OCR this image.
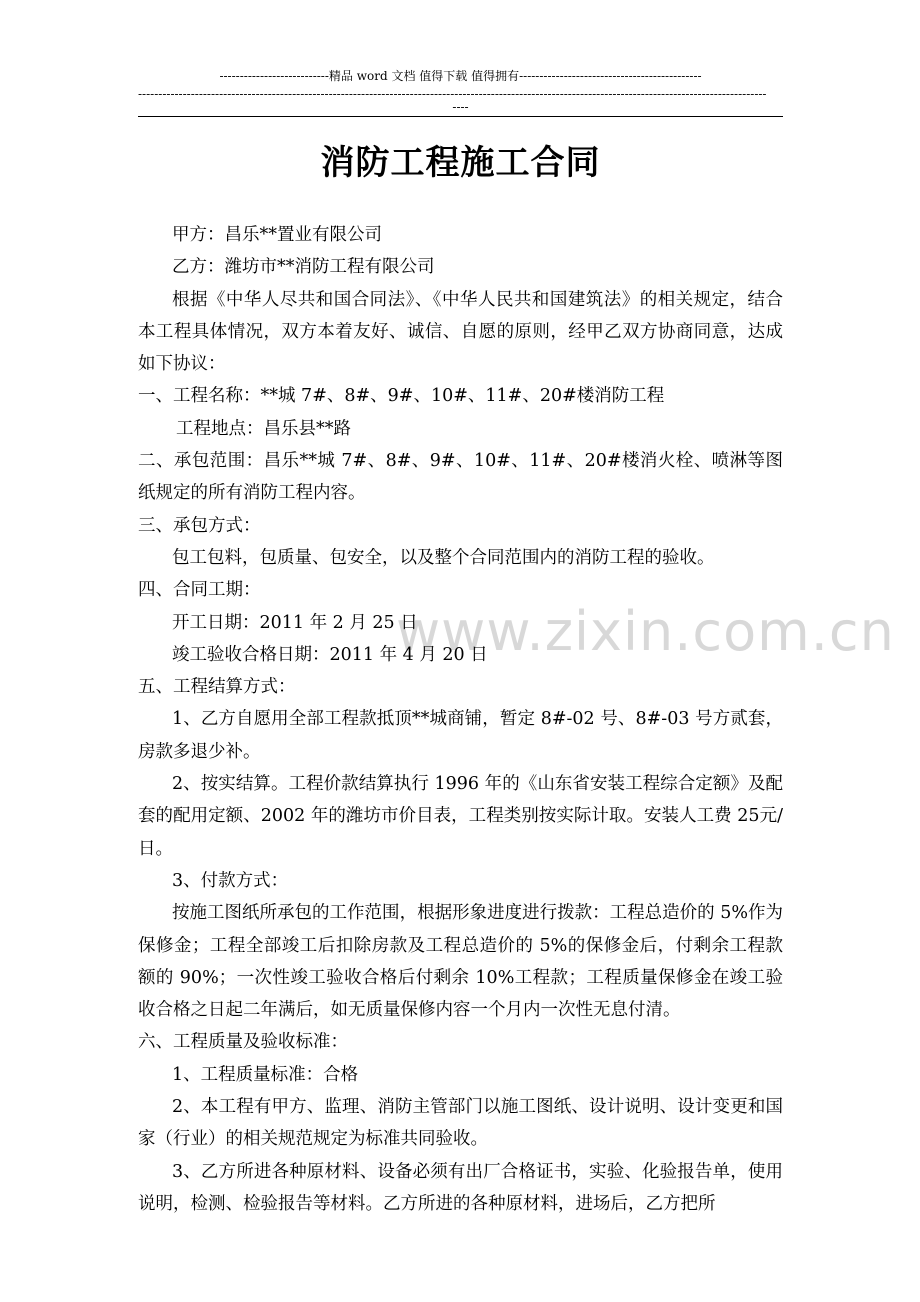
---------------------------精品 word 文档 值得下载 值得拥有---------------------------------------------
-----------------------------------------------------------------------------------------------------------------------------------------------------------
----
消防工程施工合同
www.zixin.com.cn

甲方：昌乐**置业有限公司

乙方：潍坊市**消防工程有限公司

根据《中华人尽共和国合同法》、《中华人民共和国建筑法》的相关规定，结合本工程具体情况，双方本着友好、诚信、自愿的原则，经甲乙双方协商同意，达成如下协议：

一、工程名称：**城 7#、8#、9#、10#、11#、20#楼消防工程

工程地点：昌乐县**路

二、承包范围：昌乐**城 7#、8#、9#、10#、11#、20#楼消火栓、喷淋等图纸规定的所有消防工程内容。

三、承包方式：

包工包料，包质量、包安全，以及整个合同范围内的消防工程的验收。

四、合同工期：

开工日期：2011 年 2 月 25 日

竣工验收合格日期：2011 年 4 月 20 日

五、工程结算方式：

1、乙方自愿用全部工程款抵顶**城商铺，暂定 8#-02 号、8#-03 号方贰套，房款多退少补。

2、按实结算。工程价款结算执行 1996 年的《山东省安装工程综合定额》及配套的配用定额、2002 年的潍坊市价目表，工程类别按实际计取。安装人工费 25元/日。

3、付款方式：

按施工图纸所承包的工作范围，根据形象进度进行拨款：工程总造价的 5%作为保修金；工程全部竣工后扣除房款及工程总造价的 5%的保修金后，付剩余工程款额的 90%；一次性竣工验收合格后付剩余 10%工程款；工程质量保修金在竣工验收合格之日起二年满后，如无质量保修内容一个月内一次性无息付清。

六、工程质量及验收标准：

1、工程质量标准：合格

2、本工程有甲方、监理、消防主管部门以施工图纸、设计说明、设计变更和国家（行业）的相关规范规定为标准共同验收。

3、乙方所进各种原材料、设备必须有出厂合格证书，实验、化验报告单，使用说明，检测、检验报告等材料。乙方所进的各种原材料，进场后，乙方把所
